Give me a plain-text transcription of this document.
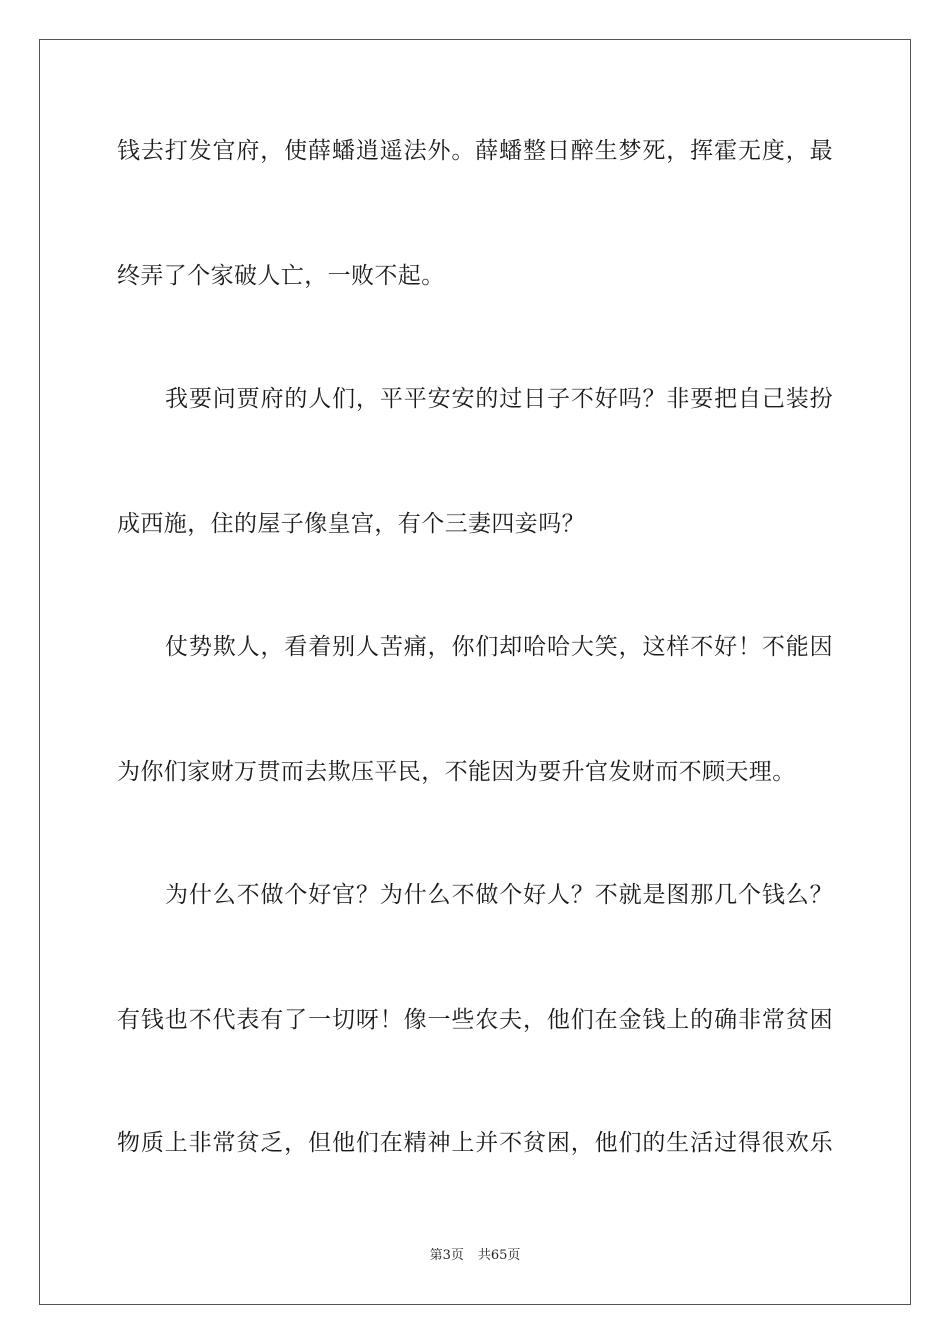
钱去打发官府，使薛蟠逍遥法外。薛蟠整日醉生梦死，挥霍无度，最
终弄了个家破人亡，一败不起。
我要问贾府的人们，平平安安的过日子不好吗？非要把自己装扮
成西施，住的屋子像皇宫，有个三妻四妾吗？
仗势欺人，看着别人苦痛，你们却哈哈大笑，这样不好！不能因
为你们家财万贯而去欺压平民，不能因为要升官发财而不顾天理。
为什么不做个好官？为什么不做个好人？不就是图那几个钱么？
有钱也不代表有了一切呀！像一些农夫，他们在金钱上的确非常贫困
物质上非常贫乏，但他们在精神上并不贫困，他们的生活过得很欢乐
第3页 共65页
